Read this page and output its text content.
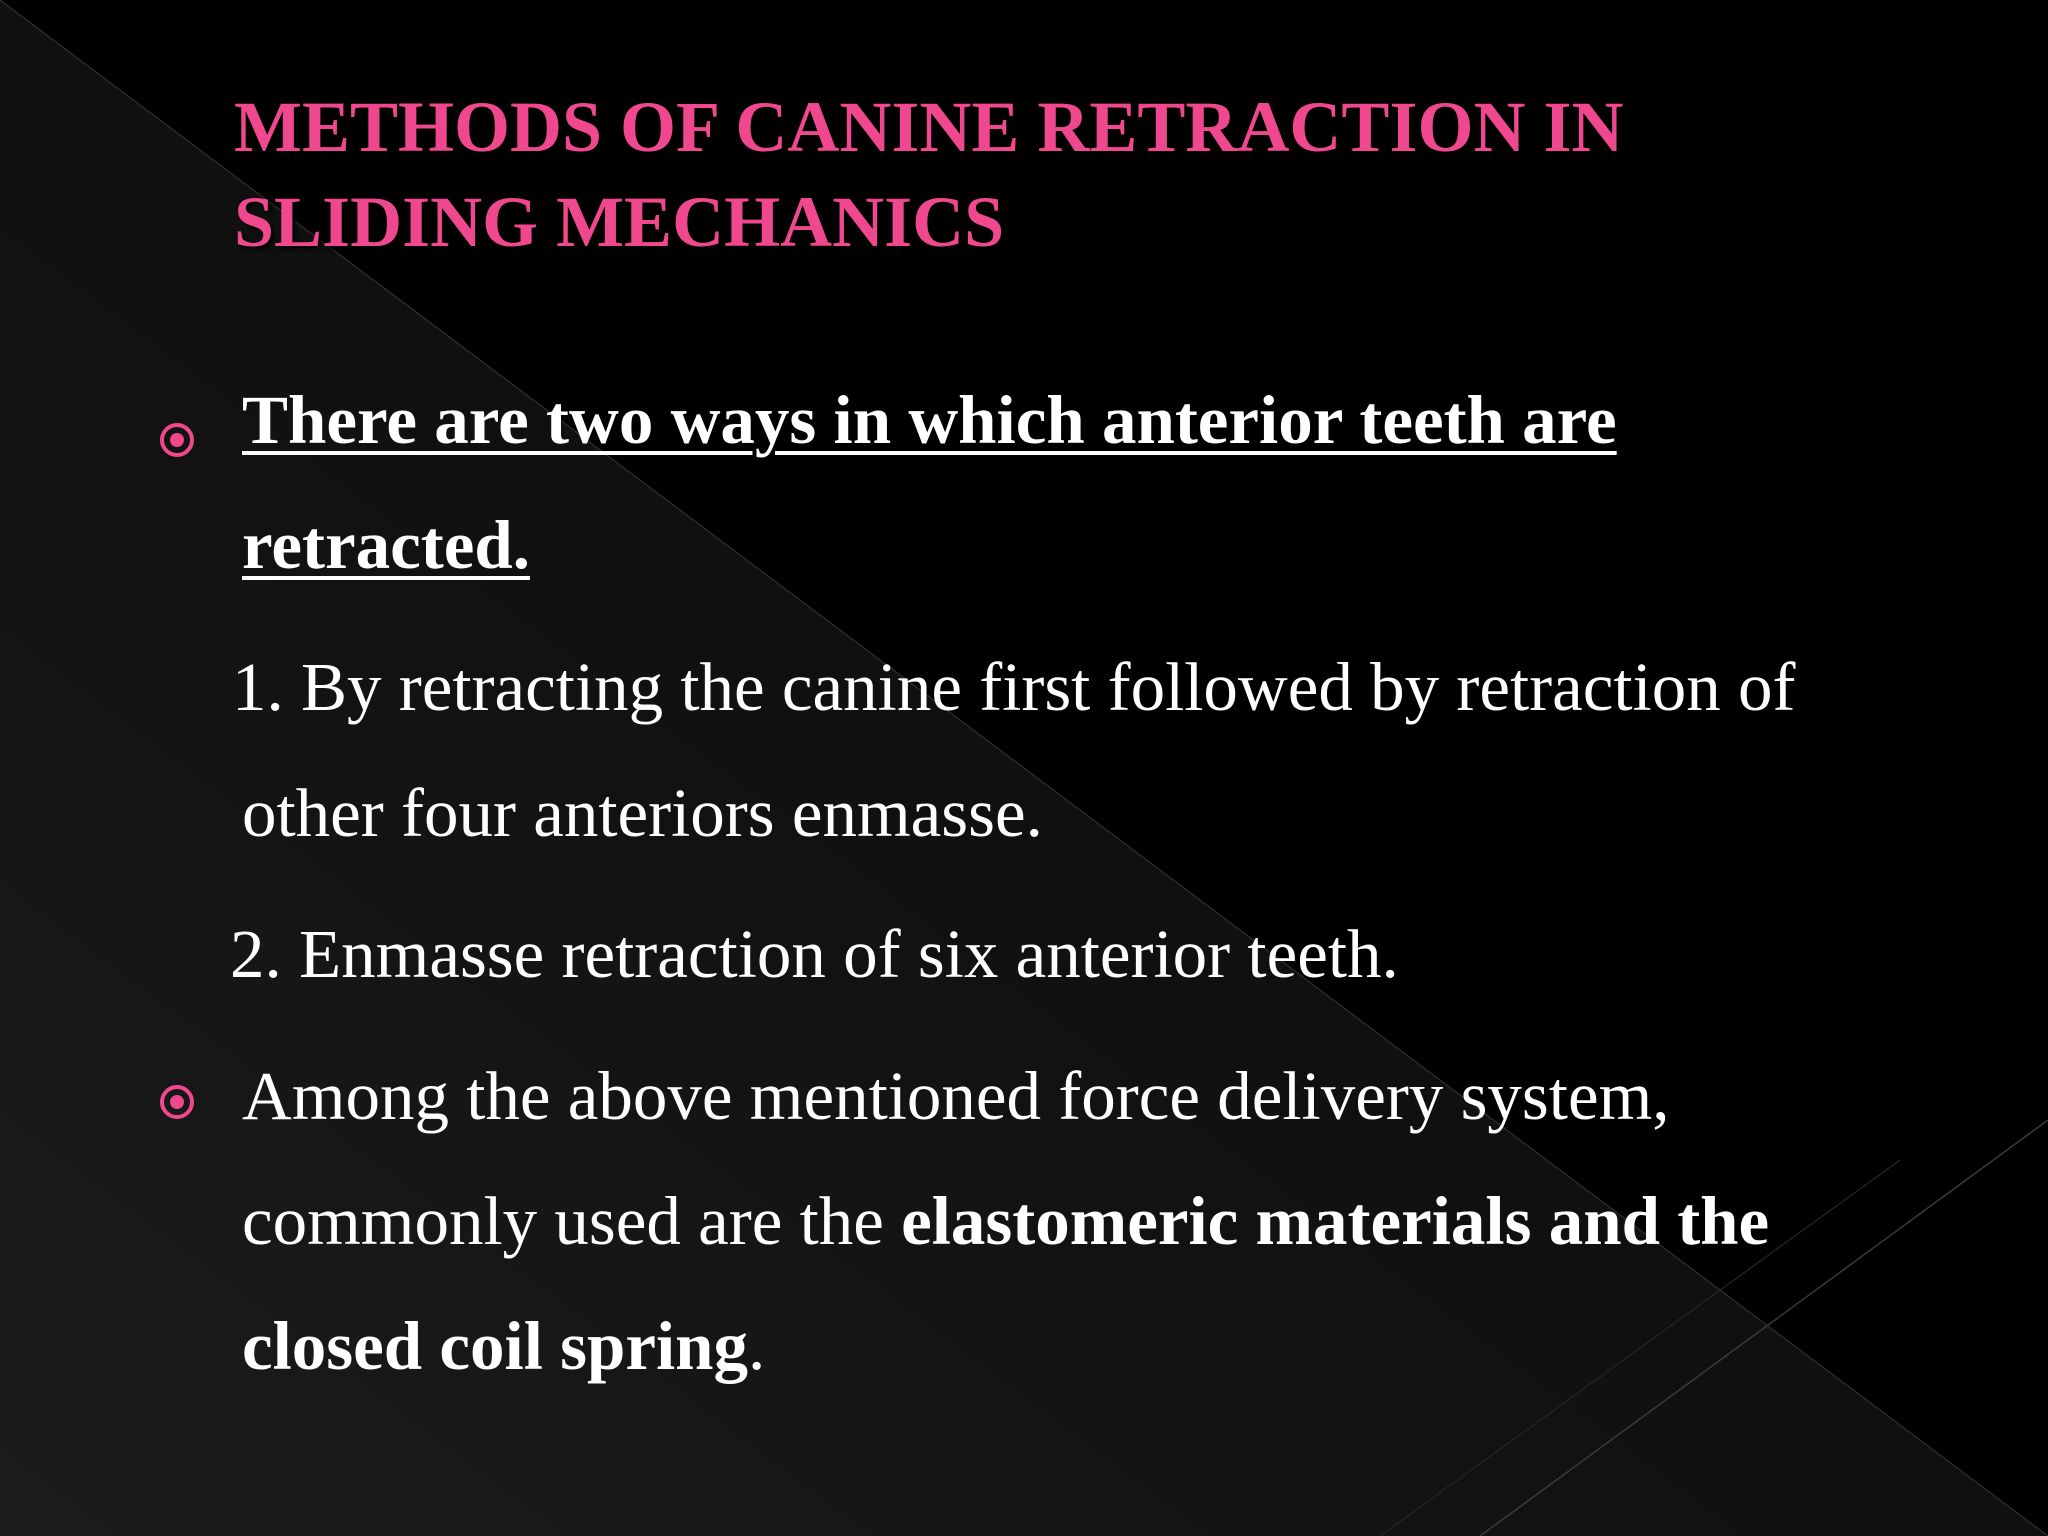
METHODS OF CANINE RETRACTION IN
SLIDING MECHANICS

There are two ways in which anterior teeth are

retracted.

1. By retracting the canine first followed by retraction of

other four anteriors enmasse.

2. Enmasse retraction of six anterior teeth.

Among the above mentioned force delivery system,

commonly used are the elastomeric materials and the

closed coil spring.
